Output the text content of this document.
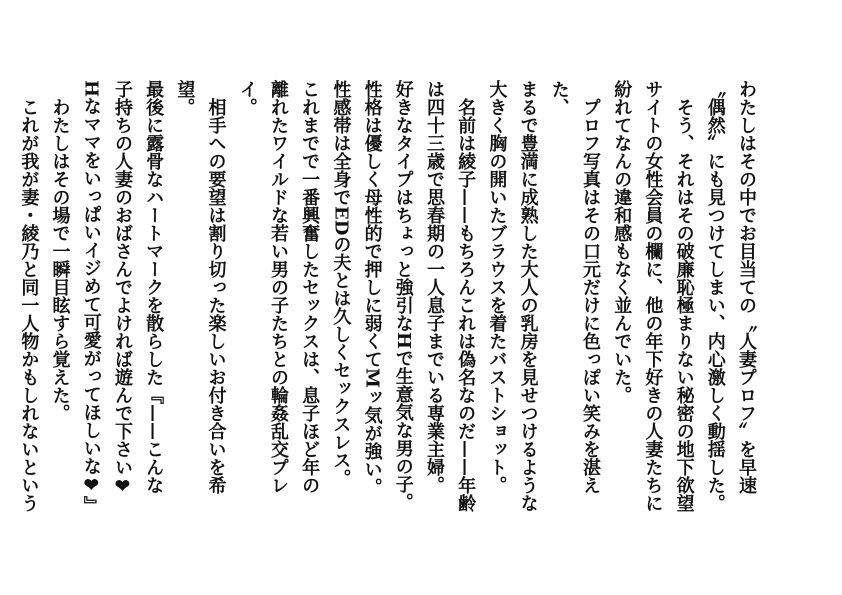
わたしはその中でお目当ての〝人妻プロフ〟を早速

〝偶然〟にも見つけてしまい、内心激しく動揺した。

　そう、それはその破廉恥極まりない秘密の地下欲望

サイトの女性会員の欄に、他の年下好きの人妻たちに

紛れてなんの違和感もなく並んでいた。

　プロフ写真はその口元だけに色っぽい笑みを湛えた、

まるで豊満に成熟した大人の乳房を見せつけるような

大きく胸の開いたブラウスを着たバストショット。

　名前は綾子——もちろんこれは偽名なのだ——年齢

は四十三歳で思春期の一人息子までいる専業主婦。

好きなタイプはちょっと強引なHで生意気な男の子。

性格は優しく母性的で押しに弱くてMッ気が強い。

性感帯は全身でEDの夫とは久しくセックスレス。

これまでで一番興奮したセックスは、息子ほど年の

離れたワイルドな若い男の子たちとの輪姦乱交プレイ。

　相手への要望は割り切った楽しいお付き合いを希望。

最後に露骨なハートマークを散らした『——こんな

子持ちの人妻のおばさんでよければ遊んで下さい❤

Hなママをいっぱいイジめて可愛がってほしいな❤』

　わたしはその場で一瞬目眩すら覚えた。

　これが我が妻・綾乃と同一人物かもしれないという
